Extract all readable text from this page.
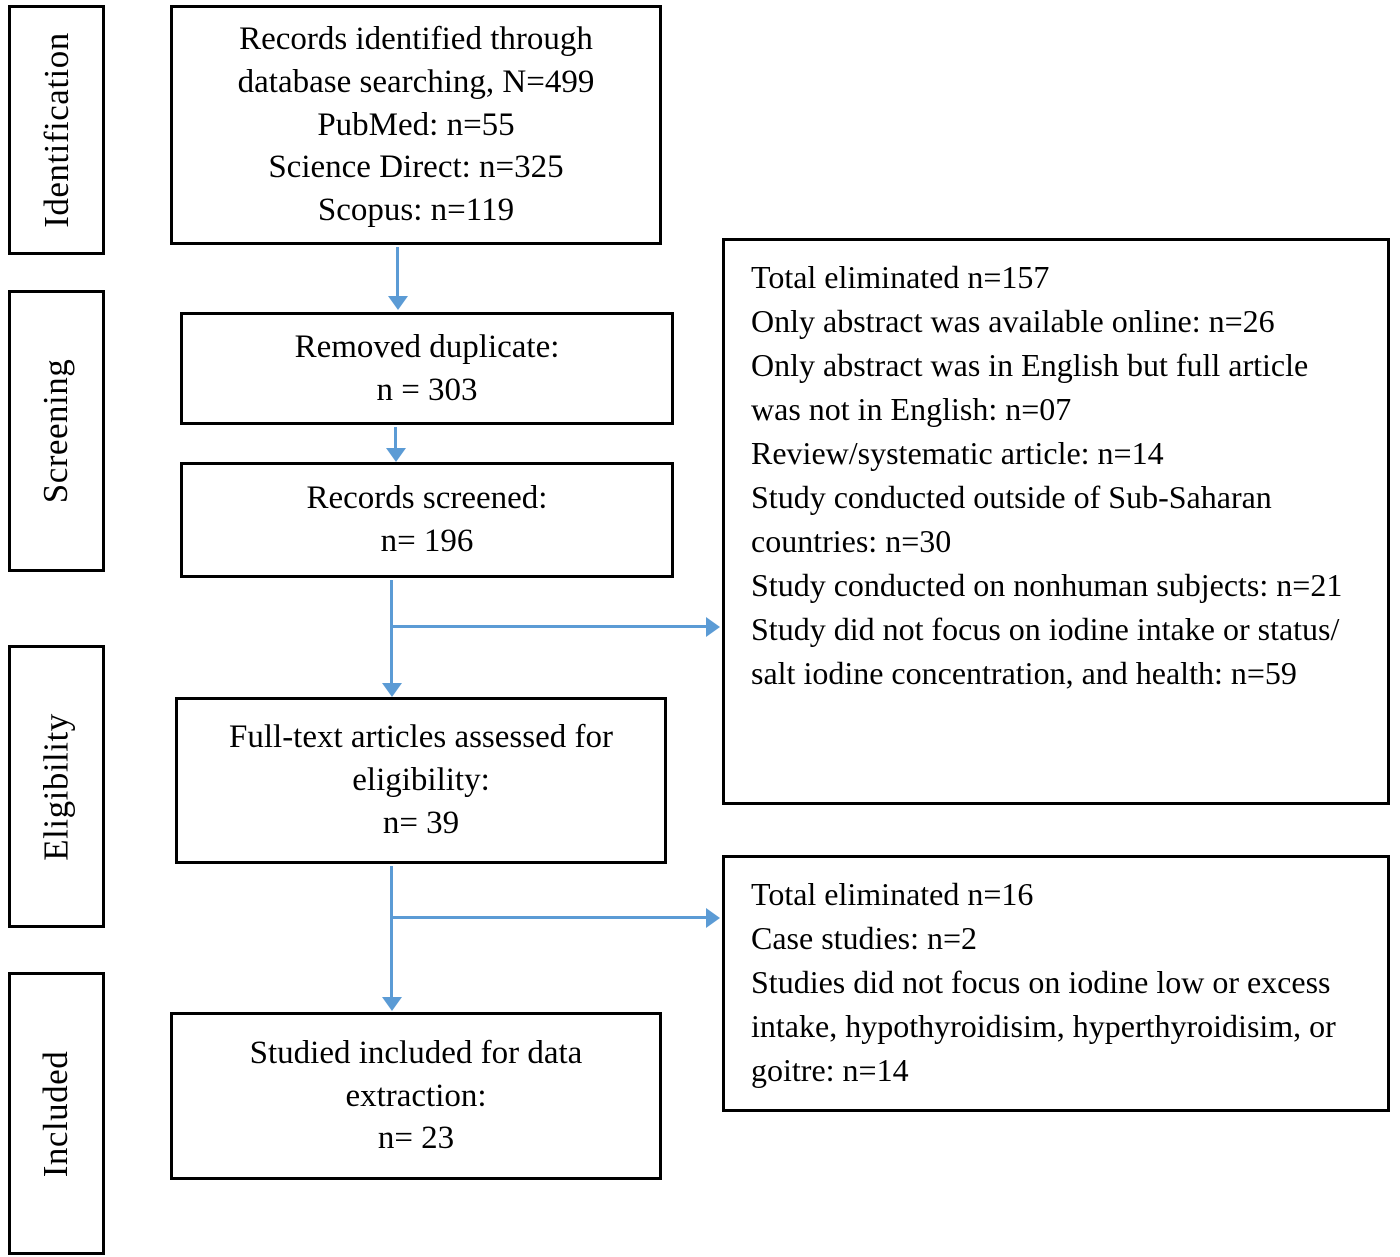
Identification
Screening
Eligibility
Included
Records identified through
database searching, N=499
PubMed: n=55
Science Direct: n=325
Scopus: n=119
Removed duplicate:
n = 303
Records screened:
n= 196
Full-text articles assessed for
eligibility:
n= 39
Studied included for data
extraction:
n= 23

Total eliminated n=157

Only abstract was available online: n=26

Only abstract was in English but full article was not in English: n=07

Review/systematic article: n=14

Study conducted outside of Sub-Saharan countries: n=30

Study conducted on nonhuman subjects: n=21

Study did not focus on iodine intake or status/ salt iodine concentration, and health: n=59

Total eliminated n=16

Case studies: n=2

Studies did not focus on iodine low or excess intake, hypothyroidisim, hyperthyroidisim, or goitre: n=14
